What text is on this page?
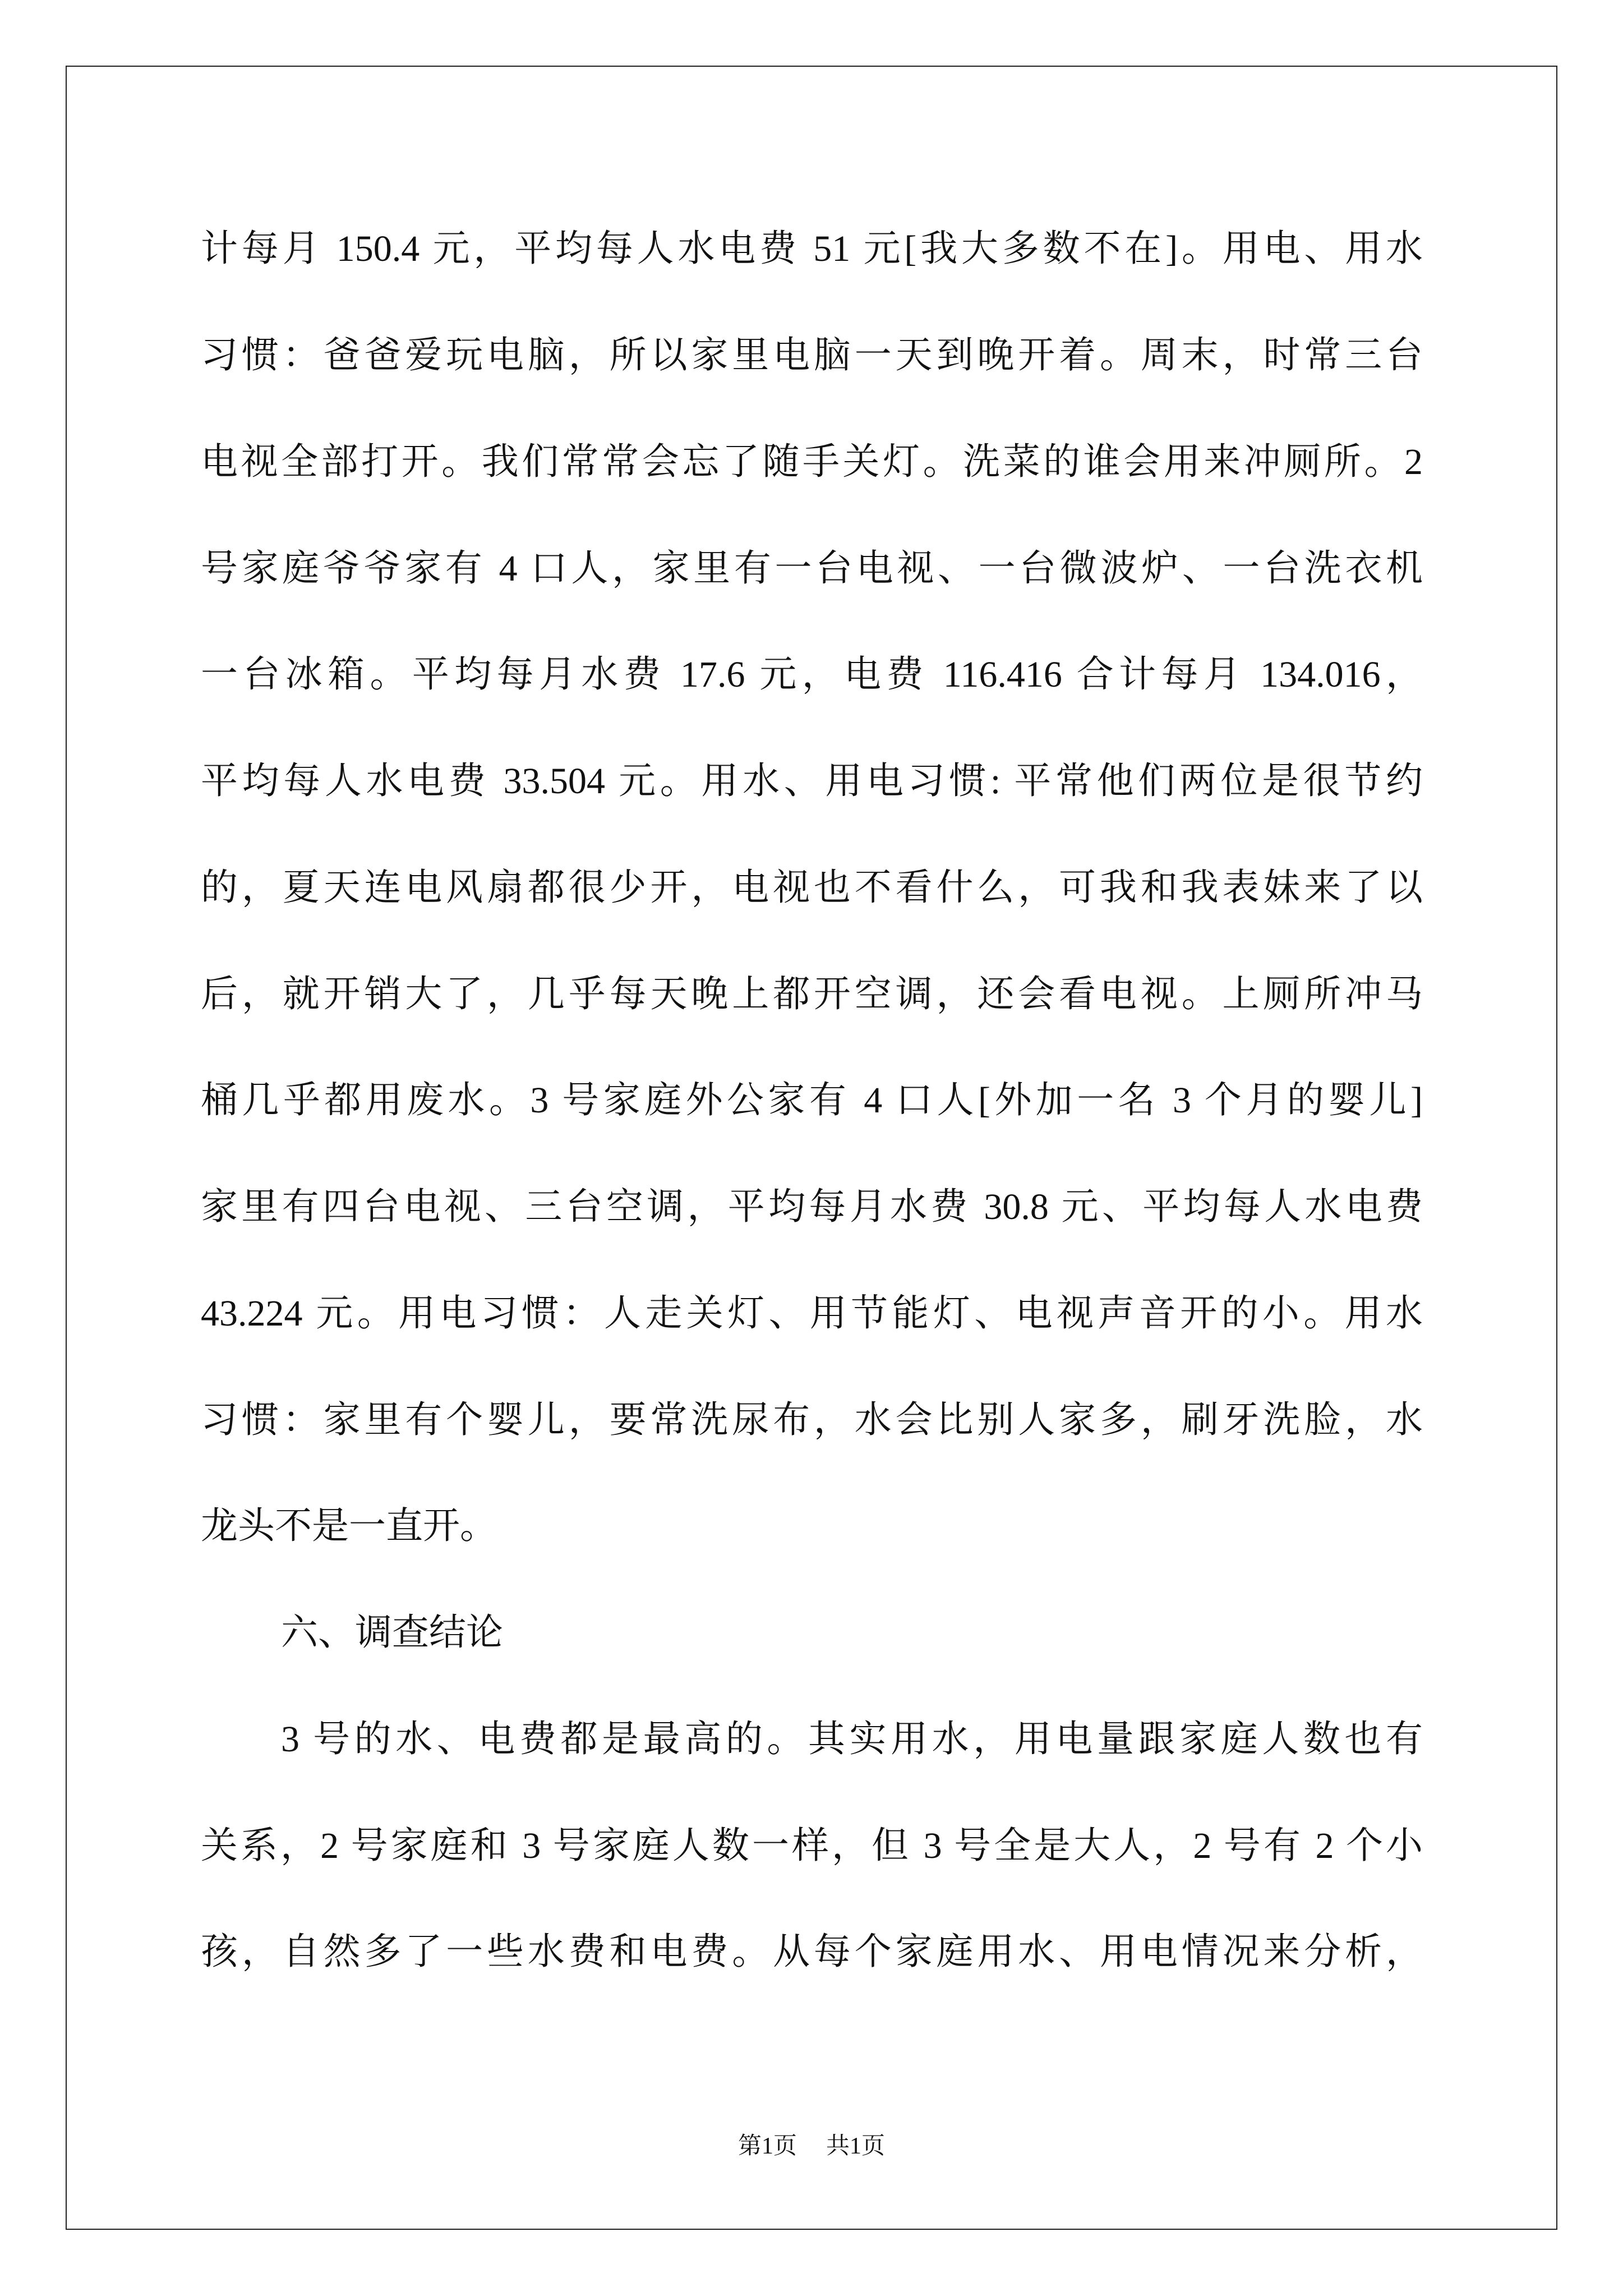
计每月 150.4 元，平均每人水电费 51 元[我大多数不在]。用电、用水
习惯：爸爸爱玩电脑，所以家里电脑一天到晚开着。周末，时常三台
电视全部打开。我们常常会忘了随手关灯。洗菜的谁会用来冲厕所。2
号家庭爷爷家有 4 口人，家里有一台电视、一台微波炉、一台洗衣机
一台冰箱。平均每月水费 17.6 元，电费 116.416 合计每月 134.016，
平均每人水电费 33.504 元。用水、用电习惯: 平常他们两位是很节约
的，夏天连电风扇都很少开，电视也不看什么，可我和我表妹来了以
后，就开销大了，几乎每天晚上都开空调，还会看电视。上厕所冲马
桶几乎都用废水。3 号家庭外公家有 4 口人[外加一名 3 个月的婴儿]
家里有四台电视、三台空调，平均每月水费 30.8 元、平均每人水电费
43.224 元。用电习惯：人走关灯、用节能灯、电视声音开的小。用水
习惯：家里有个婴儿，要常洗尿布，水会比别人家多，刷牙洗脸，水
龙头不是一直开。
六、调查结论
3 号的水、电费都是最高的。其实用水，用电量跟家庭人数也有
关系，2 号家庭和 3 号家庭人数一样，但 3 号全是大人，2 号有 2 个小
孩，自然多了一些水费和电费。从每个家庭用水、用电情况来分析，
第1页 共1页
